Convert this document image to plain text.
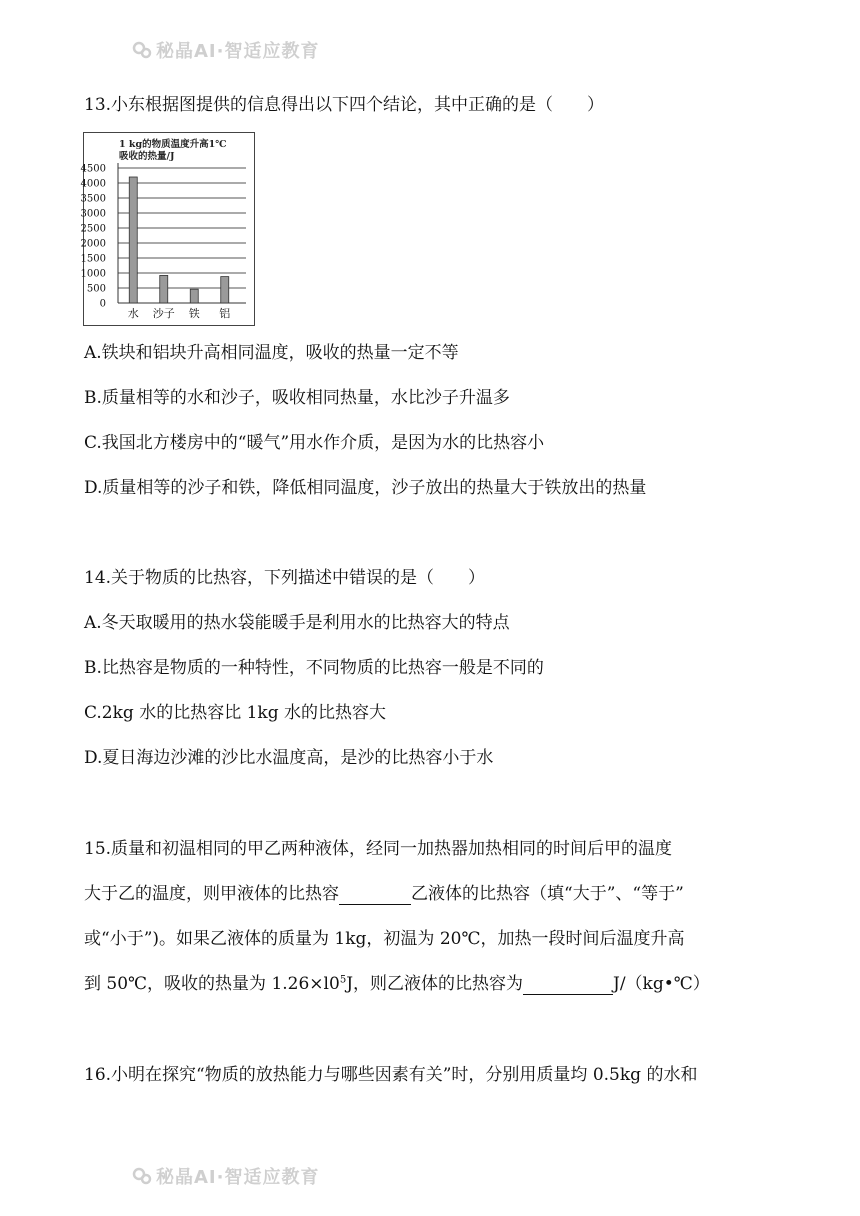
秘晶AI·智适应教育
13.小东根据图提供的信息得出以下四个结论，其中正确的是（　　）
1 kg的物质温度升高1℃
吸收的热量/J
0
500
1000
1500
2000
2500
3000
3500
4000
4500
水 沙子 铁 铝
A.铁块和铝块升高相同温度，吸收的热量一定不等
B.质量相等的水和沙子，吸收相同热量，水比沙子升温多
C.我国北方楼房中的“暖气”用水作介质，是因为水的比热容小
D.质量相等的沙子和铁，降低相同温度，沙子放出的热量大于铁放出的热量
14.关于物质的比热容，下列描述中错误的是（　　）
A.冬天取暖用的热水袋能暖手是利用水的比热容大的特点
B.比热容是物质的一种特性，不同物质的比热容一般是不同的
C.2kg 水的比热容比 1kg 水的比热容大
D.夏日海边沙滩的沙比水温度高，是沙的比热容小于水
15.质量和初温相同的甲乙两种液体，经同一加热器加热相同的时间后甲的温度
大于乙的温度，则甲液体的比热容	乙液体的比热容（填“大于”、“等于”
或“小于”)。如果乙液体的质量为 1kg，初温为 20℃，加热一段时间后温度升高
到 50℃，吸收的热量为 $1.26\times l0^5J$，则乙液体的比热容为	J/（kg•℃）
16.小明在探究“物质的放热能力与哪些因素有关”时，分别用质量均 0.5kg 的水和
秘晶AI·智适应教育
